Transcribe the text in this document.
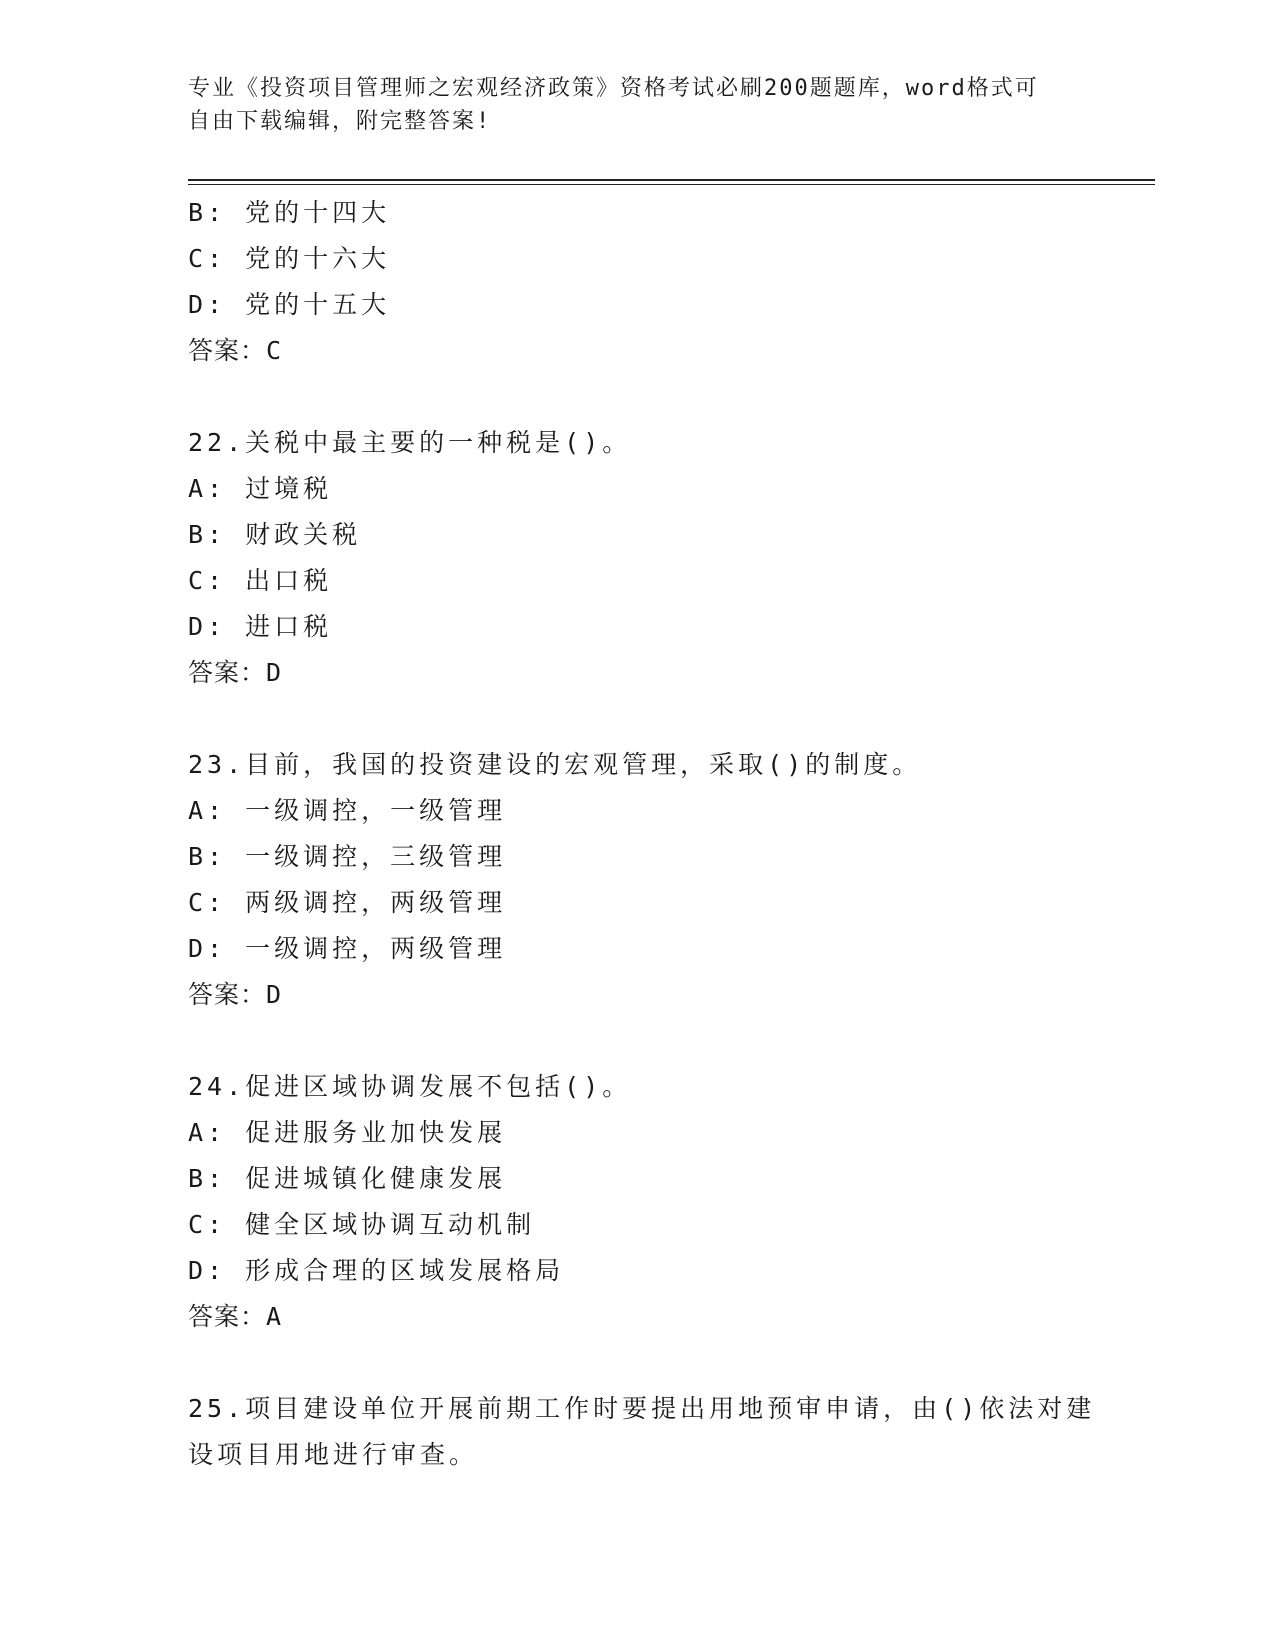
专业《投资项目管理师之宏观经济政策》资格考试必刷200题题库，word格式可
自由下载编辑，附完整答案!
B: 党的十四大
C: 党的十六大
D: 党的十五大
答案：C
22.关税中最主要的一种税是()。
A: 过境税
B: 财政关税
C: 出口税
D: 进口税
答案：D
23.目前，我国的投资建设的宏观管理，采取()的制度。
A: 一级调控，一级管理
B: 一级调控，三级管理
C: 两级调控，两级管理
D: 一级调控，两级管理
答案：D
24.促进区域协调发展不包括()。
A: 促进服务业加快发展
B: 促进城镇化健康发展
C: 健全区域协调互动机制
D: 形成合理的区域发展格局
答案：A
25.项目建设单位开展前期工作时要提出用地预审申请，由()依法对建
设项目用地进行审查。
